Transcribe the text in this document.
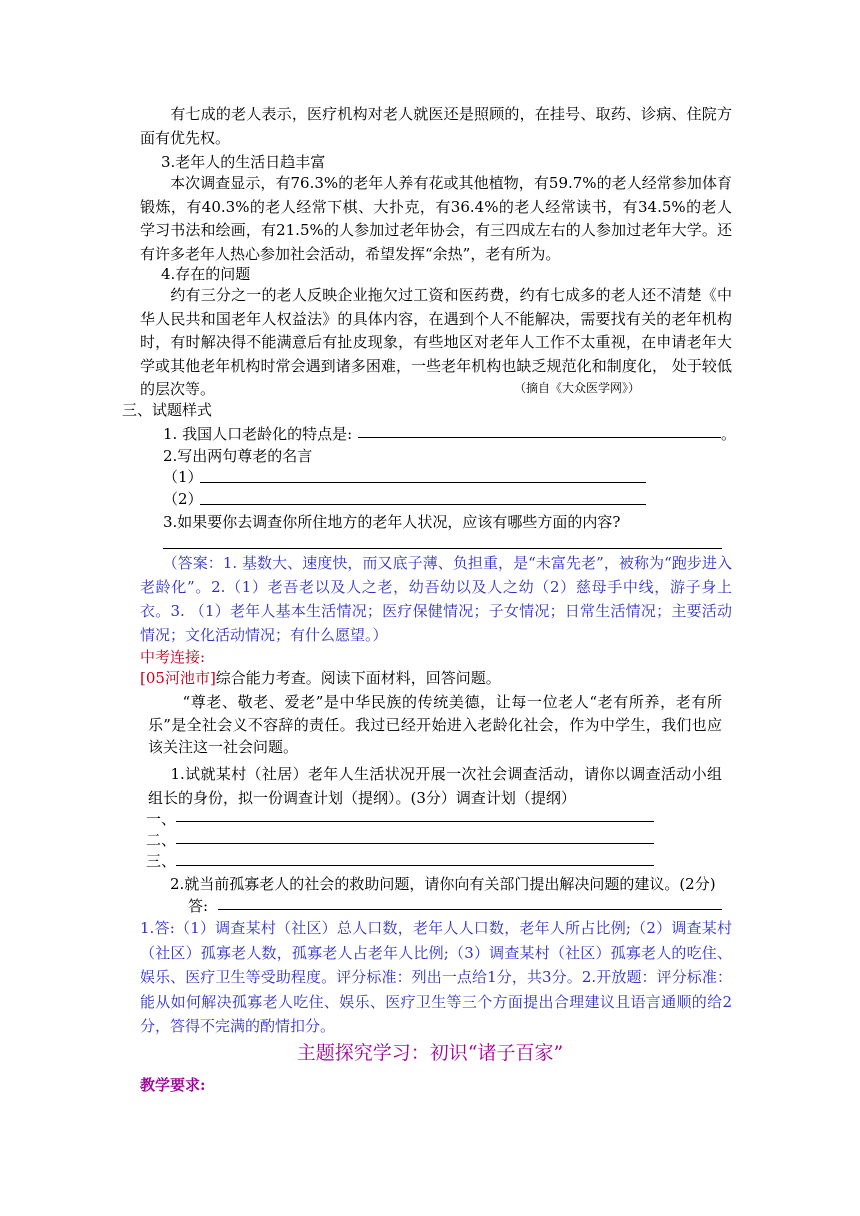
　　有七成的老人表示，医疗机构对老人就医还是照顾的，在挂号、取药、诊病、住院方面有优先权。
3.老年人的生活日趋丰富
　　本次调查显示，有76.3%的老年人养有花或其他植物，有59.7%的老人经常参加体育锻炼，有40.3%的老人经常下棋、大扑克，有36.4%的老人经常读书，有34.5%的老人学习书法和绘画，有21.5%的人参加过老年协会，有三四成左右的人参加过老年大学。还有许多老年人热心参加社会活动，希望发挥“余热”，老有所为。
4.存在的问题
　　约有三分之一的老人反映企业拖欠过工资和医药费，约有七成多的老人还不清楚《中华人民共和国老年人权益法》的具体内容，在遇到个人不能解决，需要找有关的老年机构时，有时解决得不能满意后有扯皮现象，有些地区对老年人工作不太重视，在申请老年大学或其他老年机构时常会遇到诸多困难，一些老年机构也缺乏规范化和制度化， 处于较低的层次等。	（摘自《大众医学网》）
三、试题样式
1. 我国人口老龄化的特点是:	。
2.写出两句尊老的名言
（1）
（2）
3.如果要你去调查你所住地方的老年人状况，应该有哪些方面的内容?
　　（答案：1. 基数大、速度快，而又底子薄、负担重，是“未富先老”，被称为“跑步进入老龄化”。2.（1）老吾老以及人之老，幼吾幼以及人之幼（2）慈母手中线，游子身上衣。3. （1）老年人基本生活情况；医疗保健情况；子女情况；日常生活情况；主要活动情况；文化活动情况；有什么愿望。）
中考连接:
[05河池市]综合能力考查。阅读下面材料，回答问题。
“尊老、敬老、爱老”是中华民族的传统美德，让每一位老人“老有所养，老有所乐”是全社会义不容辞的责任。我过已经开始进入老龄化社会，作为中学生，我们也应该关注这一社会问题。
1.试就某村（社居）老年人生活状况开展一次社会调查活动，请你以调查活动小组组长的身份，拟一份调查计划（提纲）。(3分）调查计划（提纲）
一、
二、
三、
2.就当前孤寡老人的社会的救助问题，请你向有关部门提出解决问题的建议。(2分)
答:
1.答:（1）调查某村（社区）总人口数，老年人人口数，老年人所占比例;（2）调查某村（社区）孤寡老人数，孤寡老人占老年人比例;（3）调查某村（社区）孤寡老人的吃住、娱乐、医疗卫生等受助程度。评分标准：列出一点给1分，共3分。2.开放题：评分标准：能从如何解决孤寡老人吃住、娱乐、医疗卫生等三个方面提出合理建议且语言通顺的给2分，答得不完满的酌情扣分。
主题探究学习：初识“诸子百家”
教学要求:
